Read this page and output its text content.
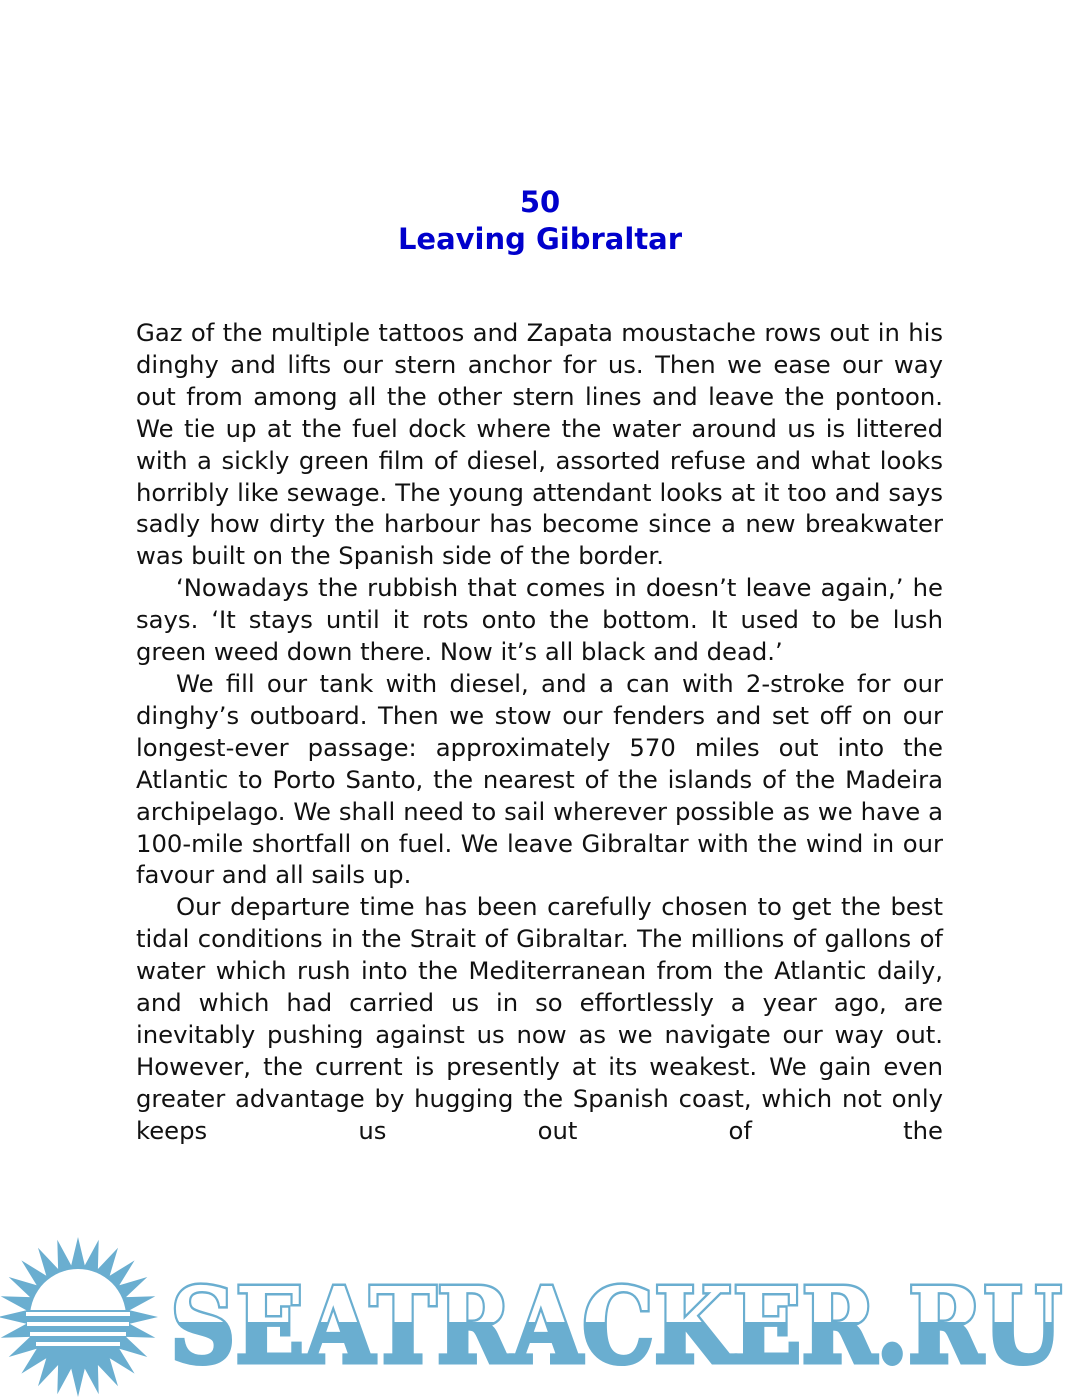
50
Leaving Gibraltar

Gaz of the multiple tattoos and Zapata moustache rows out in his dinghy and lifts our stern anchor for us. Then we ease our way out from among all the other stern lines and leave the pontoon. We tie up at the fuel dock where the water around us is littered with a sickly green film of diesel, assorted refuse and what looks horribly like sewage. The young attendant looks at it too and says sadly how dirty the harbour has become since a new breakwater was built on the Spanish side of the border.

‘Nowadays the rubbish that comes in doesn’t leave again,’ he says. ‘It stays until it rots onto the bottom. It used to be lush green weed down there. Now it’s all black and dead.’

We fill our tank with diesel, and a can with 2-stroke for our dinghy’s outboard. Then we stow our fenders and set off on our longest-ever passage: approximately 570 miles out into the Atlantic to Porto Santo, the nearest of the islands of the Madeira archipelago. We shall need to sail wherever possible as we have a 100-mile shortfall on fuel. We leave Gibraltar with the wind in our favour and all sails up.

Our departure time has been carefully chosen to get the best tidal conditions in the Strait of Gibraltar. The millions of gallons of water which rush into the Mediterranean from the Atlantic daily, and which had carried us in so effortlessly a year ago, are inevitably pushing against us now as we navigate our way out. However, the current is presently at its weakest. We gain even greater advantage by hugging the Spanish coast, which not only keeps us out of the

SEATRACKER.RU
